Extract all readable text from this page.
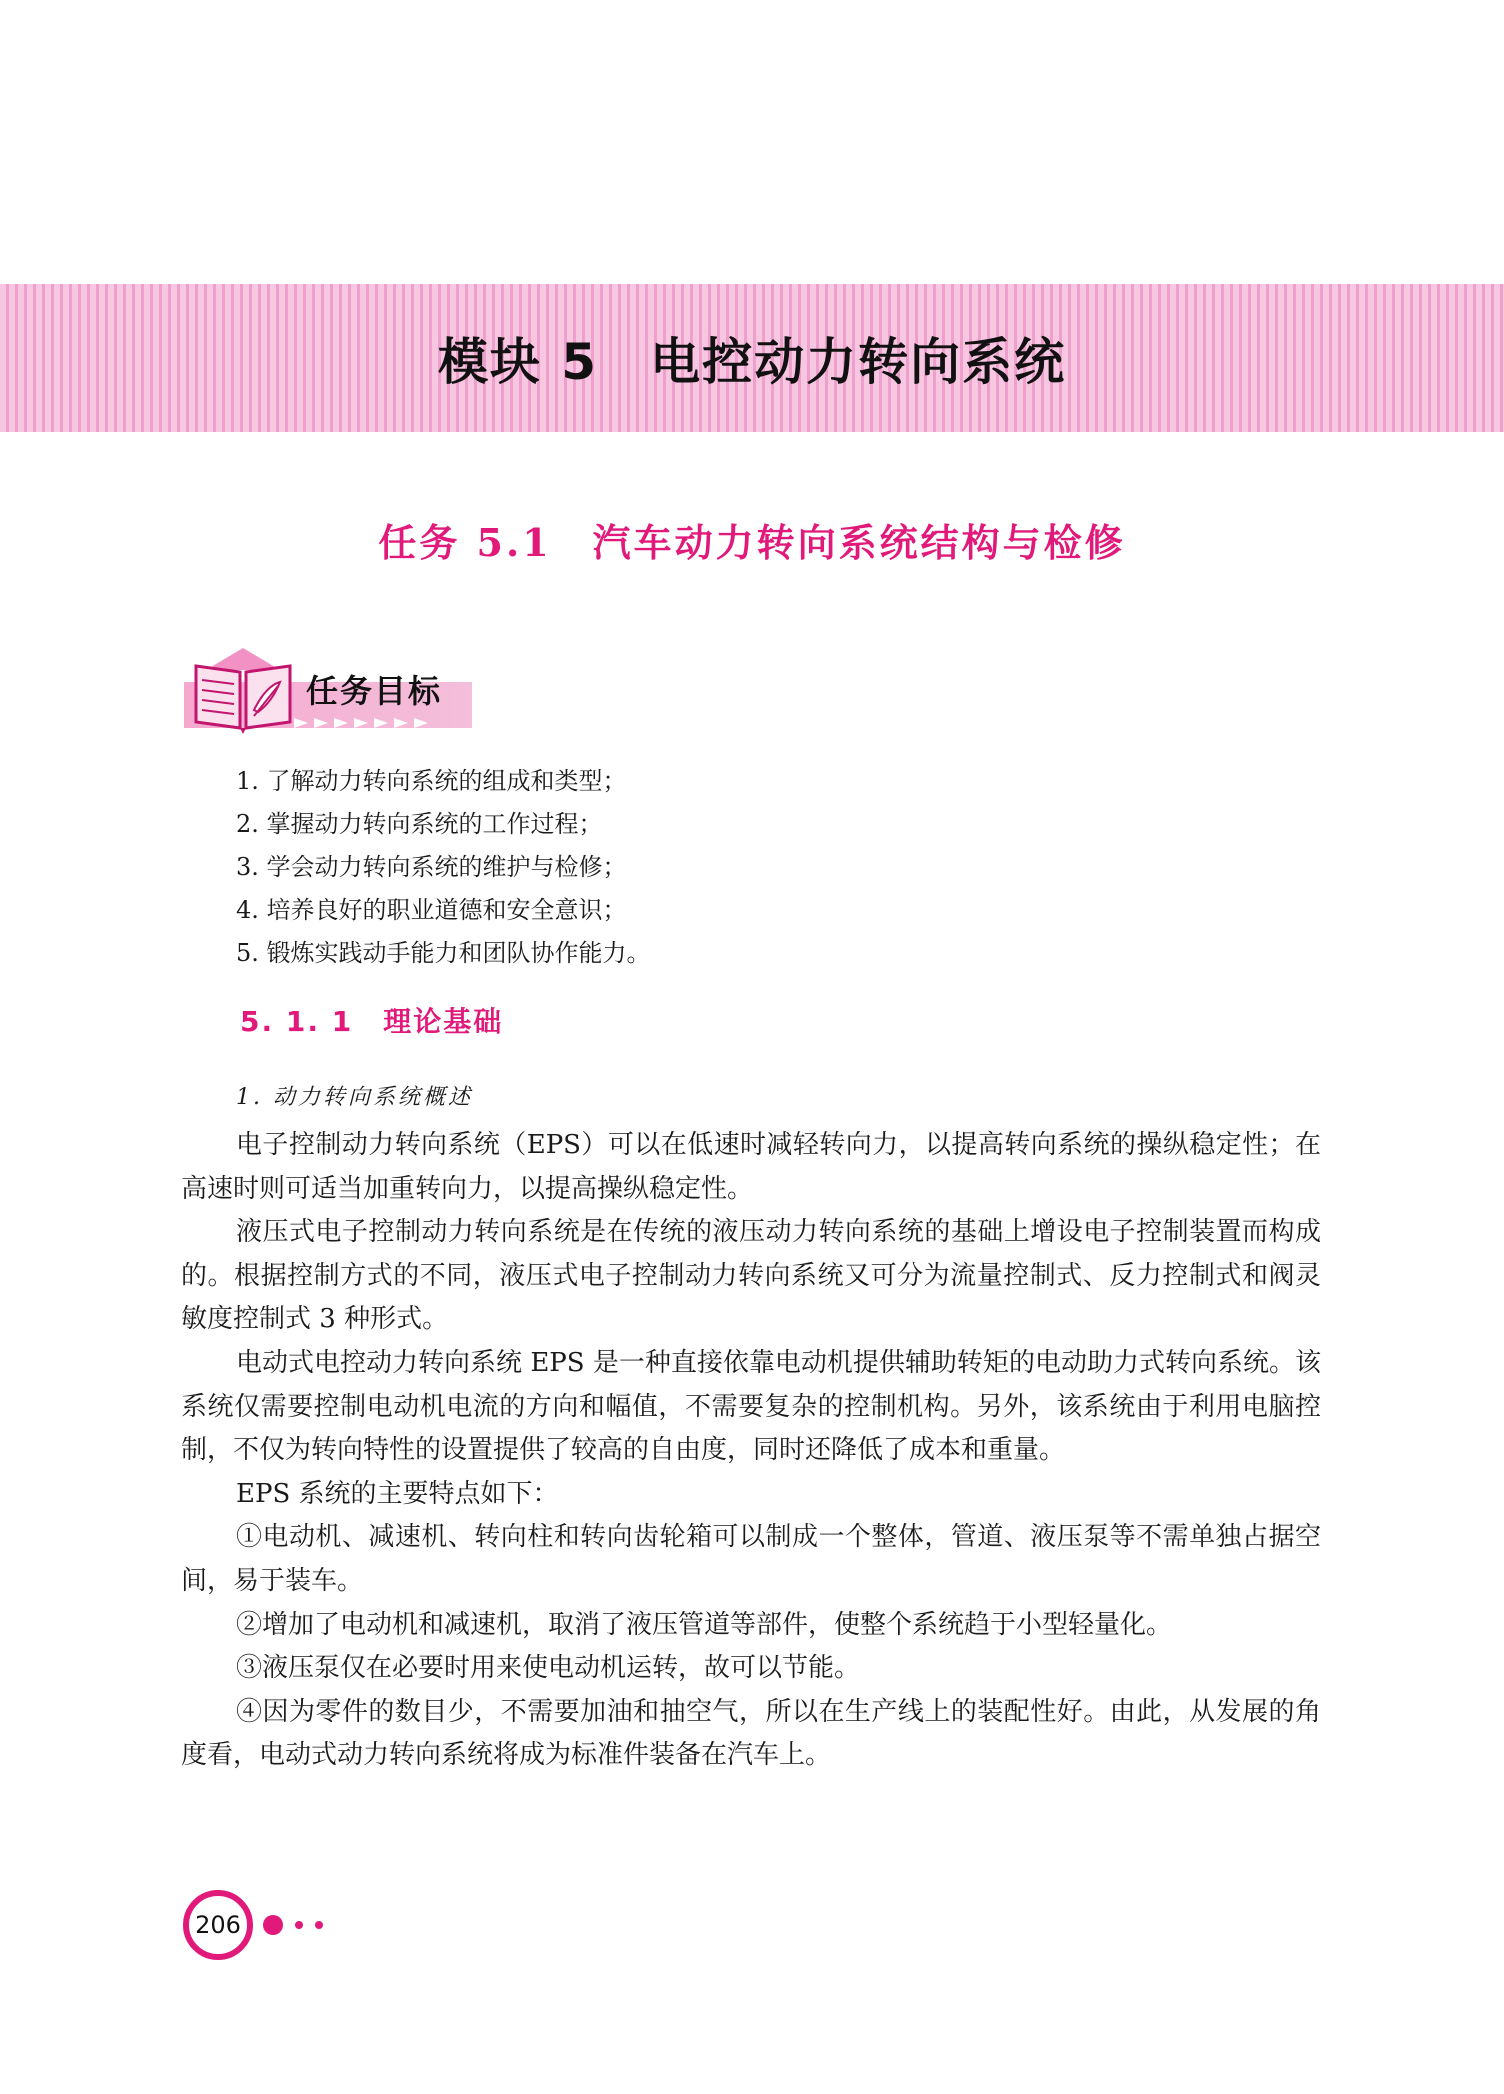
模块 5　电控动力转向系统
任务 5.1　汽车动力转向系统结构与检修
任务目标
1. 了解动力转向系统的组成和类型；
2. 掌握动力转向系统的工作过程；
3. 学会动力转向系统的维护与检修；
4. 培养良好的职业道德和安全意识；
5. 锻炼实践动手能力和团队协作能力。
5. 1. 1　理论基础
1. 动力转向系统概述

电子控制动力转向系统（EPS）可以在低速时减轻转向力，以提高转向系统的操纵稳定性；在高速时则可适当加重转向力，以提高操纵稳定性。

液压式电子控制动力转向系统是在传统的液压动力转向系统的基础上增设电子控制装置而构成的。根据控制方式的不同，液压式电子控制动力转向系统又可分为流量控制式、反力控制式和阀灵敏度控制式 3 种形式。

电动式电控动力转向系统 EPS 是一种直接依靠电动机提供辅助转矩的电动助力式转向系统。该系统仅需要控制电动机电流的方向和幅值，不需要复杂的控制机构。另外，该系统由于利用电脑控制，不仅为转向特性的设置提供了较高的自由度，同时还降低了成本和重量。

EPS 系统的主要特点如下：

①电动机、减速机、转向柱和转向齿轮箱可以制成一个整体，管道、液压泵等不需单独占据空间，易于装车。

②增加了电动机和减速机，取消了液压管道等部件，使整个系统趋于小型轻量化。

③液压泵仅在必要时用来使电动机运转，故可以节能。

④因为零件的数目少，不需要加油和抽空气，所以在生产线上的装配性好。由此，从发展的角度看，电动式动力转向系统将成为标准件装备在汽车上。

206
